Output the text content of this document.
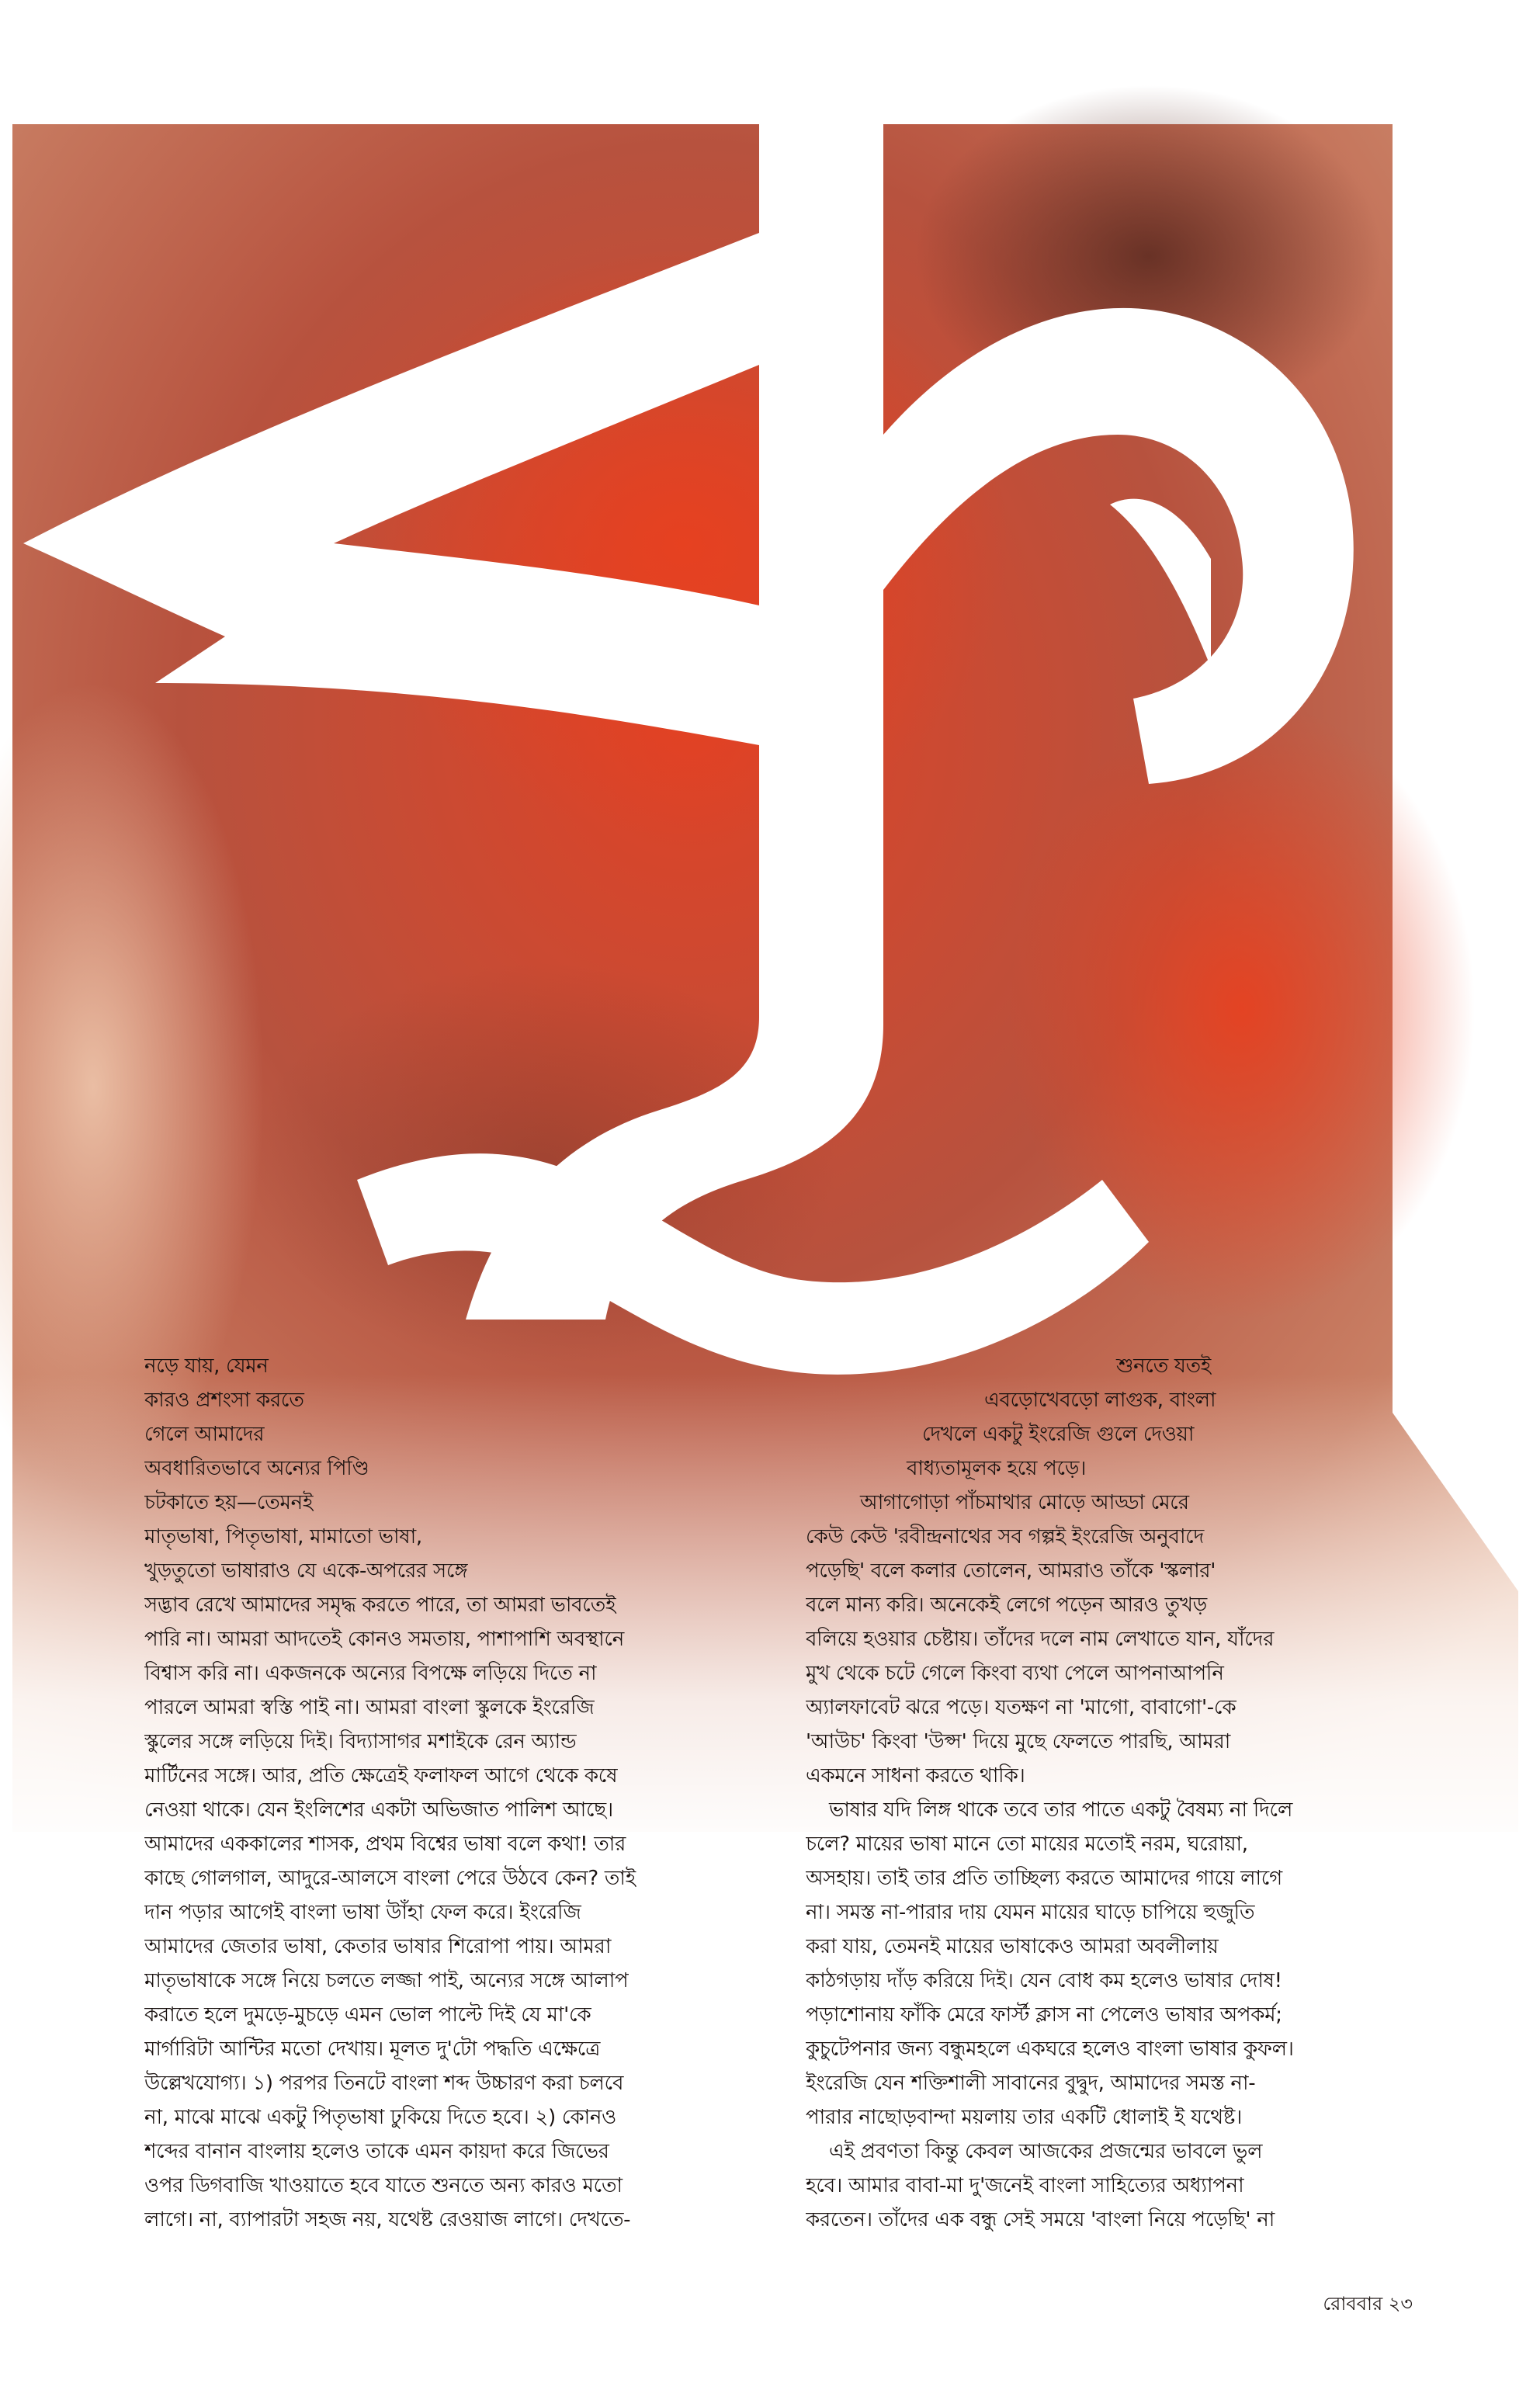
নড়ে যায়, যেমন
কারও প্রশংসা করতে
গেলে আমাদের
অবধারিতভাবে অন্যের পিণ্ডি
চটকাতে হয়—তেমনই
মাতৃভাষা, পিতৃভাষা, মামাতো ভাষা,
খুড়তুতো ভাষারাও যে একে-অপরের সঙ্গে
সদ্ভাব রেখে আমাদের সমৃদ্ধ করতে পারে, তা আমরা ভাবতেই
পারি না। আমরা আদতেই কোনও সমতায়, পাশাপাশি অবস্থানে
বিশ্বাস করি না। একজনকে অন্যের বিপক্ষে লড়িয়ে দিতে না
পারলে আমরা স্বস্তি পাই না। আমরা বাংলা স্কুলকে ইংরেজি
স্কুলের সঙ্গে লড়িয়ে দিই। বিদ্যাসাগর মশাইকে রেন অ্যান্ড
মার্টিনের সঙ্গে। আর, প্রতি ক্ষেত্রেই ফলাফল আগে থেকে কষে
নেওয়া থাকে। যেন ইংলিশের একটা অভিজাত পালিশ আছে।
আমাদের এককালের শাসক, প্রথম বিশ্বের ভাষা বলে কথা! তার
কাছে গোলগাল, আদুরে-আলসে বাংলা পেরে উঠবে কেন? তাই
দান পড়ার আগেই বাংলা ভাষা উাঁহা ফেল করে। ইংরেজি
আমাদের জেতার ভাষা, কেতার ভাষার শিরোপা পায়। আমরা
মাতৃভাষাকে সঙ্গে নিয়ে চলতে লজ্জা পাই, অন্যের সঙ্গে আলাপ
করাতে হলে দুমড়ে-মুচড়ে এমন ভোল পাল্টে দিই যে মা'কে
মার্গারিটা আন্টির মতো দেখায়। মূলত দু'টো পদ্ধতি এক্ষেত্রে
উল্লেখযোগ্য। ১) পরপর তিনটে বাংলা শব্দ উচ্চারণ করা চলবে
না, মাঝে মাঝে একটু পিতৃভাষা ঢুকিয়ে দিতে হবে। ২) কোনও
শব্দের বানান বাংলায় হলেও তাকে এমন কায়দা করে জিভের
ওপর ডিগবাজি খাওয়াতে হবে যাতে শুনতে অন্য কারও মতো
লাগে। না, ব্যাপারটা সহজ নয়, যথেষ্ট রেওয়াজ লাগে। দেখতে-
শুনতে যতই
এবড়োখেবড়ো লাগুক, বাংলা
দেখলে একটু ইংরেজি গুলে দেওয়া
বাধ্যতামূলক হয়ে পড়ে।
আগাগোড়া পাঁচমাথার মোড়ে আড্ডা মেরে
কেউ কেউ 'রবীন্দ্রনাথের সব গল্পই ইংরেজি অনুবাদে
পড়েছি' বলে কলার তোলেন, আমরাও তাঁকে 'স্কলার'
বলে মান্য করি। অনেকেই লেগে পড়েন আরও তুখড়
বলিয়ে হওয়ার চেষ্টায়। তাঁদের দলে নাম লেখাতে যান, যাঁদের
মুখ থেকে চটে গেলে কিংবা ব্যথা পেলে আপনাআপনি
অ্যালফাবেট ঝরে পড়ে। যতক্ষণ না 'মাগো, বাবাগো'-কে
'আউচ' কিংবা 'উপ্স' দিয়ে মুছে ফেলতে পারছি, আমরা
একমনে সাধনা করতে থাকি।
ভাষার যদি লিঙ্গ থাকে তবে তার পাতে একটু বৈষম্য না দিলে
চলে? মায়ের ভাষা মানে তো মায়ের মতোই নরম, ঘরোয়া,
অসহায়। তাই তার প্রতি তাচ্ছিল্য করতে আমাদের গায়ে লাগে
না। সমস্ত না-পারার দায় যেমন মায়ের ঘাড়ে চাপিয়ে হুজুতি
করা যায়, তেমনই মায়ের ভাষাকেও আমরা অবলীলায়
কাঠগড়ায় দাঁড় করিয়ে দিই। যেন বোধ কম হলেও ভাষার দোষ!
পড়াশোনায় ফাঁকি মেরে ফার্স্ট ক্লাস না পেলেও ভাষার অপকর্ম;
কুচুটেপনার জন্য বন্ধুমহলে একঘরে হলেও বাংলা ভাষার কুফল।
ইংরেজি যেন শক্তিশালী সাবানের বুদ্বুদ, আমাদের সমস্ত না-
পারার নাছোড়বান্দা ময়লায় তার একটি ধোলাই ই যথেষ্ট।
এই প্রবণতা কিন্তু কেবল আজকের প্রজন্মের ভাবলে ভুল
হবে। আমার বাবা-মা দু'জনেই বাংলা সাহিত্যের অধ্যাপনা
করতেন। তাঁদের এক বন্ধু সেই সময়ে 'বাংলা নিয়ে পড়েছি' না
রোববার ২৩
